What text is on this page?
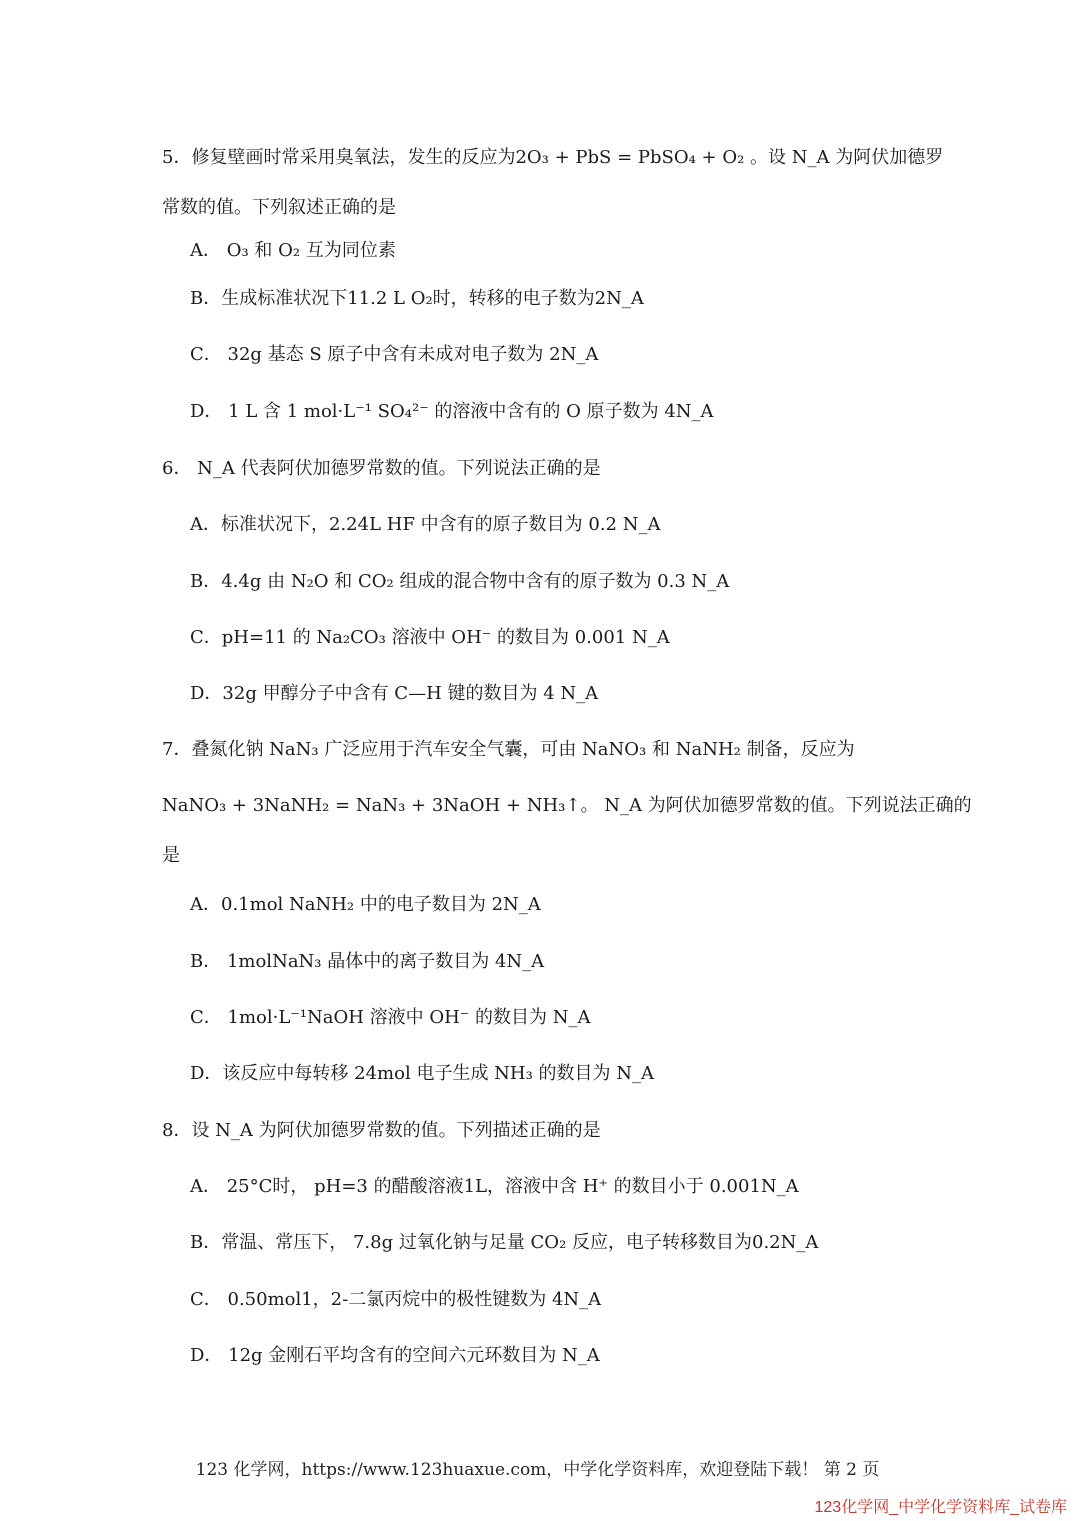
5．修复壁画时常采用臭氧法，发生的反应为2O₃ + PbS = PbSO₄ + O₂ 。设 N_A 为阿伏加德罗
常数的值。下列叙述正确的是
A． O₃ 和 O₂ 互为同位素
B．生成标准状况下11.2 L O₂时，转移的电子数为2N_A
C． 32g 基态 S 原子中含有未成对电子数为 2N_A
D． 1 L 含 1 mol·L⁻¹ SO₄²⁻ 的溶液中含有的 O 原子数为 4N_A
6． N_A 代表阿伏加德罗常数的值。下列说法正确的是
A．标准状况下，2.24L HF 中含有的原子数目为 0.2 N_A
B．4.4g 由 N₂O 和 CO₂ 组成的混合物中含有的原子数为 0.3 N_A
C．pH=11 的 Na₂CO₃ 溶液中 OH⁻ 的数目为 0.001 N_A
D．32g 甲醇分子中含有 C—H 键的数目为 4 N_A
7．叠氮化钠 NaN₃ 广泛应用于汽车安全气囊，可由 NaNO₃ 和 NaNH₂ 制备，反应为
NaNO₃ + 3NaNH₂ = NaN₃ + 3NaOH + NH₃↑。 N_A 为阿伏加德罗常数的值。下列说法正确的
是
A．0.1mol NaNH₂ 中的电子数目为 2N_A
B． 1molNaN₃ 晶体中的离子数目为 4N_A
C． 1mol·L⁻¹NaOH 溶液中 OH⁻ 的数目为 N_A
D．该反应中每转移 24mol 电子生成 NH₃ 的数目为 N_A
8．设 N_A 为阿伏加德罗常数的值。下列描述正确的是
A． 25°C时， pH=3 的醋酸溶液1L，溶液中含 H⁺ 的数目小于 0.001N_A
B．常温、常压下， 7.8g 过氧化钠与足量 CO₂ 反应，电子转移数目为0.2N_A
C． 0.50mol1，2-二氯丙烷中的极性键数为 4N_A
D． 12g 金刚石平均含有的空间六元环数目为 N_A
123 化学网，https://www.123huaxue.com，中学化学资料库，欢迎登陆下载！ 第 2 页
123化学网_中学化学资料库_试卷库
